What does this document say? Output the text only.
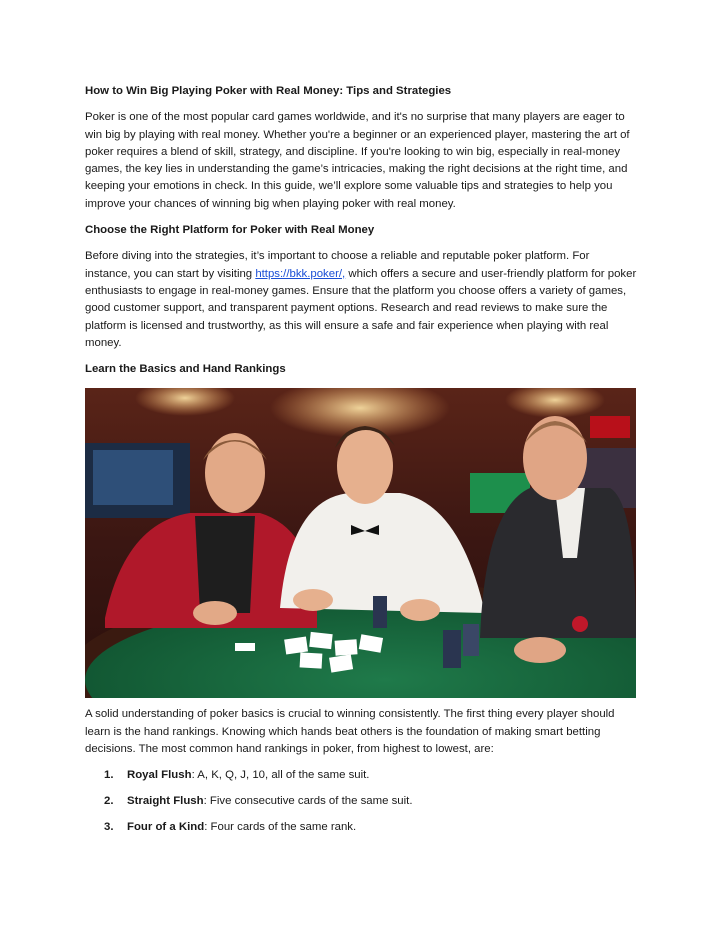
How to Win Big Playing Poker with Real Money: Tips and Strategies

Poker is one of the most popular card games worldwide, and it's no surprise that many players are eager to win big by playing with real money. Whether you're a beginner or an experienced player, mastering the art of poker requires a blend of skill, strategy, and discipline. If you're looking to win big, especially in real-money games, the key lies in understanding the game’s intricacies, making the right decisions at the right time, and keeping your emotions in check. In this guide, we’ll explore some valuable tips and strategies to help you improve your chances of winning big when playing poker with real money.

Choose the Right Platform for Poker with Real Money

Before diving into the strategies, it’s important to choose a reliable and reputable poker platform. For instance, you can start by visiting https://bkk.poker/, which offers a secure and user-friendly platform for poker enthusiasts to engage in real-money games. Ensure that the platform you choose offers a variety of games, good customer support, and transparent payment options. Research and read reviews to make sure the platform is licensed and trustworthy, as this will ensure a safe and fair experience when playing with real money.

Learn the Basics and Hand Rankings

A solid understanding of poker basics is crucial to winning consistently. The first thing every player should learn is the hand rankings. Knowing which hands beat others is the foundation of making smart betting decisions. The most common hand rankings in poker, from highest to lowest, are:

1.	Royal Flush: A, K, Q, J, 10, all of the same suit.
2.	Straight Flush: Five consecutive cards of the same suit.
3.	Four of a Kind: Four cards of the same rank.
